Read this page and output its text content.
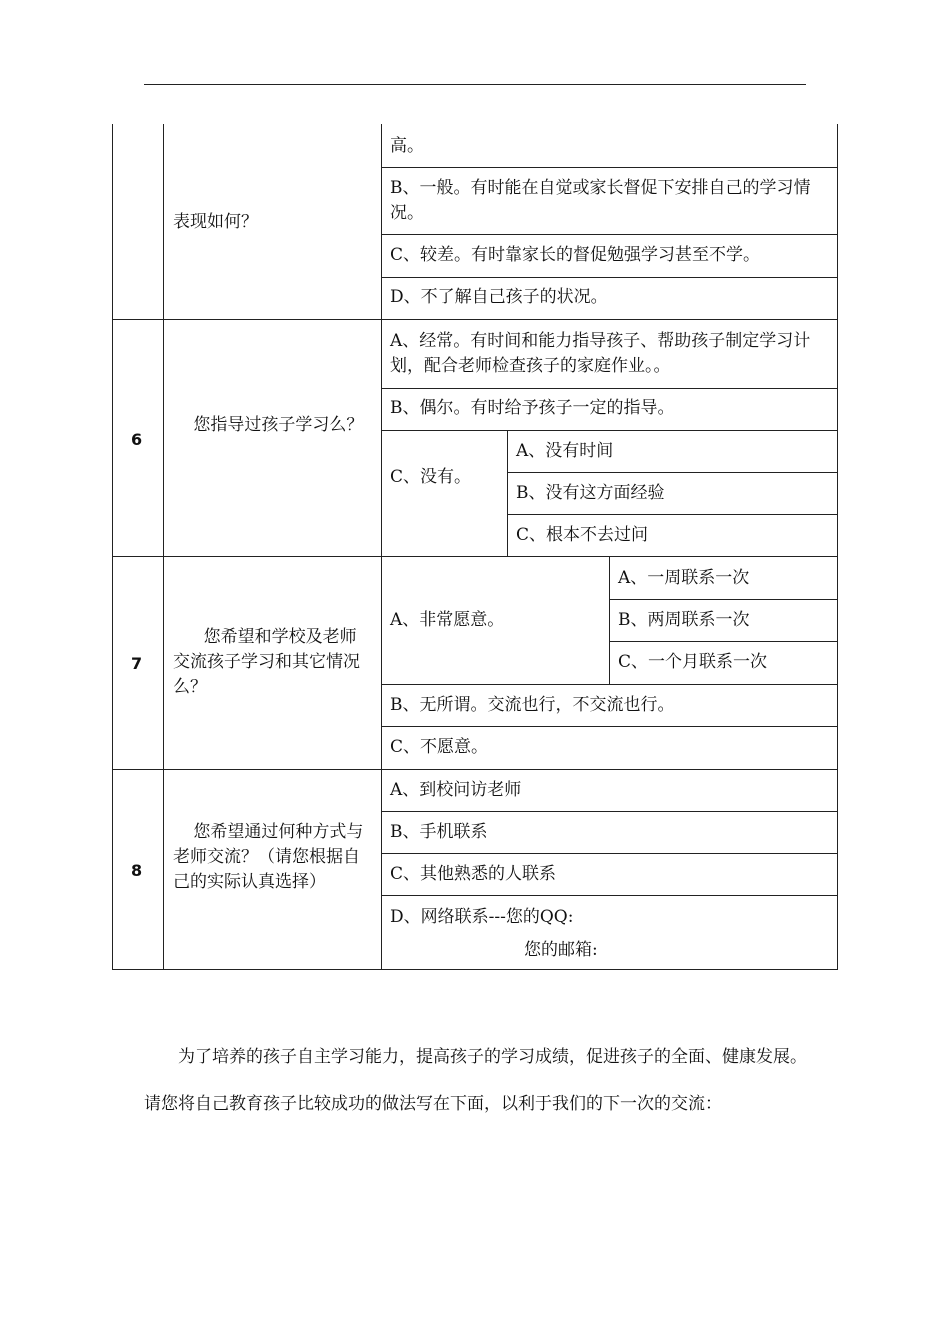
表现如何？
高。
B、一般。有时能在自觉或家长督促下安排自己的学习情况。
C、较差。有时靠家长的督促勉强学习甚至不学。
D、不了解自己孩子的状况。
6
您指导过孩子学习么？
A、经常。有时间和能力指导孩子、帮助孩子制定学习计划，配合老师检查孩子的家庭作业。。
B、偶尔。有时给予孩子一定的指导。
C、没有。
A、没有时间
B、没有这方面经验
C、根本不去过问
7
您希望和学校及老师交流孩子学习和其它情况么？
A、非常愿意。
A、一周联系一次
B、两周联系一次
C、一个月联系一次
B、无所谓。交流也行，不交流也行。
C、不愿意。
8
您希望通过何种方式与老师交流？（请您根据自己的实际认真选择）
A、到校问访老师
B、手机联系
C、其他熟悉的人联系
D、网络联系---您的QQ:
您的邮箱:
为了培养的孩子自主学习能力，提高孩子的学习成绩，促进孩子的全面、健康发展。请您将自己教育孩子比较成功的做法写在下面，以利于我们的下一次的交流：
